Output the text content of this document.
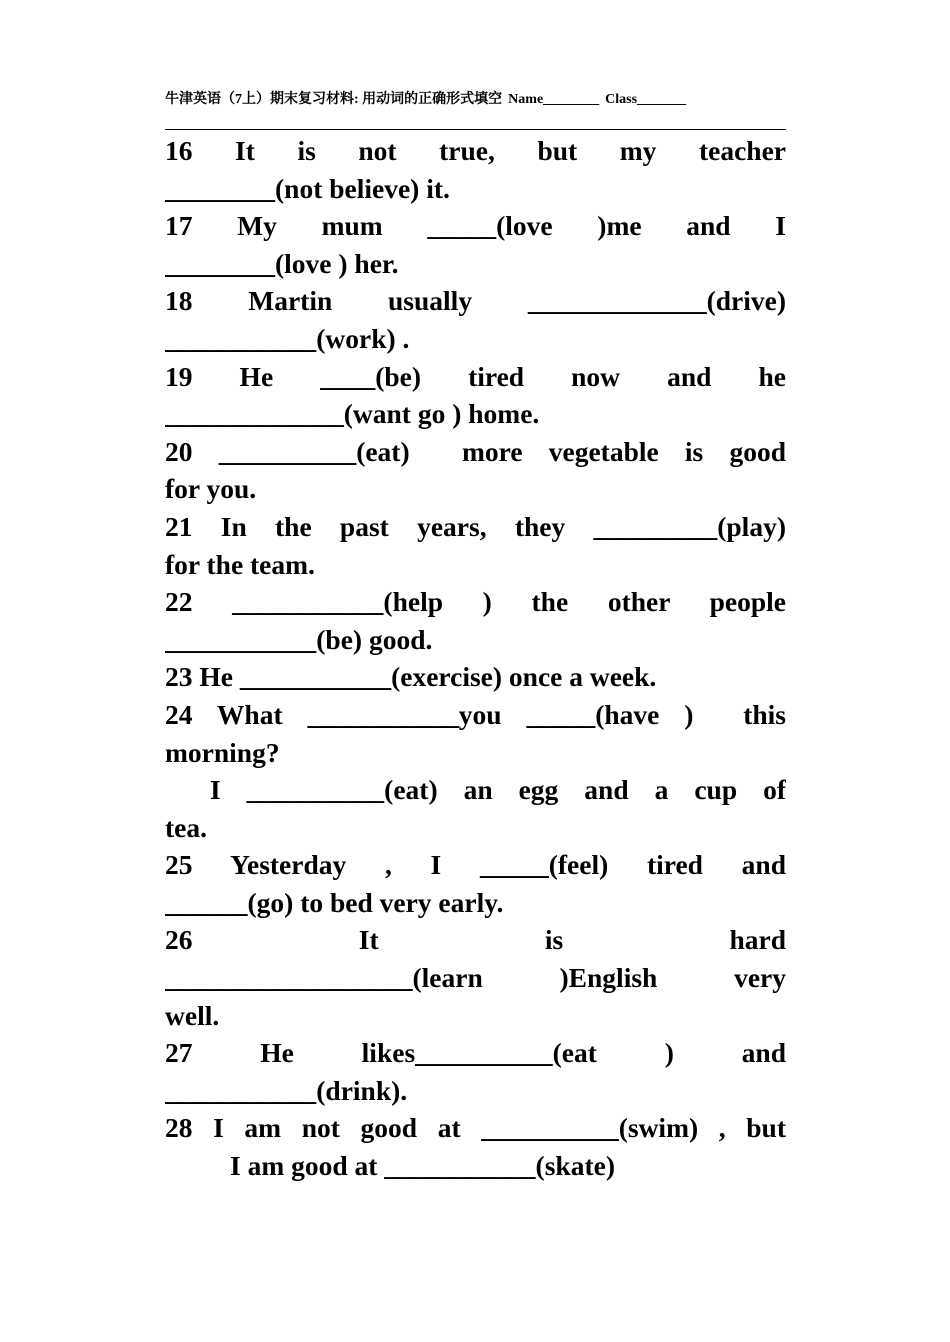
牛津英语（7上）期末复习材料: 用动词的正确形式填空 Name________ Class_______
16  It  is  not  true,  but  my  teacher
________(not believe) it.
17  My  mum  _____(love  )me  and  I
________(love ) her.
18  Martin  usually  _____________(drive)
___________(work) .
19  He  ____(be)  tired  now  and  he
_____________(want go ) home.
20 __________(eat)  more vegetable is good
for you.
21 In the past years, they _________(play)
for the team.
22  ___________(help  )  the  other  people
___________(be) good.
23 He ___________(exercise) once a week.
24 What ___________you _____(have )  this
morning?
I  __________(eat)  an  egg  and  a  cup  of
tea.
25  Yesterday  ,  I  _____(feel)  tired  and
______(go) to bed very early.
26  It  is  hard
__________________(learn  )English  very
well.
27  He  likes__________(eat  )  and
___________(drink).
28 I am not good at __________(swim) , but
I am good at ___________(skate)
